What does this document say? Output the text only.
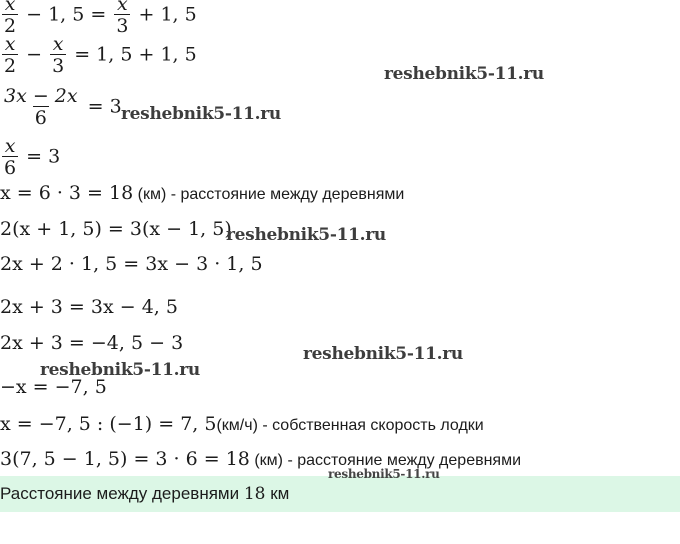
$\frac{x}{2} - 1$, $5 = \frac{x}{3} + 1$, 5
$\frac{x}{2} - \frac{x}{3} = 1$, 5 + 1, 5
$\frac{3x - 2x}{6} = 3$
$\frac{x}{6} = 3$
x = 6 · 3 = 18 (км) - расстояние между деревнями
2(x + 1, 5) = 3(x − 1, 5)
2x + 2 · 1, 5 = 3x − 3 · 1, 5
2x + 3 = 3x − 4, 5
2x + 3 = −4, 5 − 3
−x = −7, 5
x = −7, 5 : (−1) = 7, 5(км/ч) - собственная скорость лодки
3(7, 5 − 1, 5) = 3 · 6 = 18 (км) - расстояние между деревнями
Расстояние между деревнями 18 км
reshebnik5-11.ru
reshebnik5-11.ru
reshebnik5-11.ru
reshebnik5-11.ru
reshebnik5-11.ru
reshebnik5-11.ru
